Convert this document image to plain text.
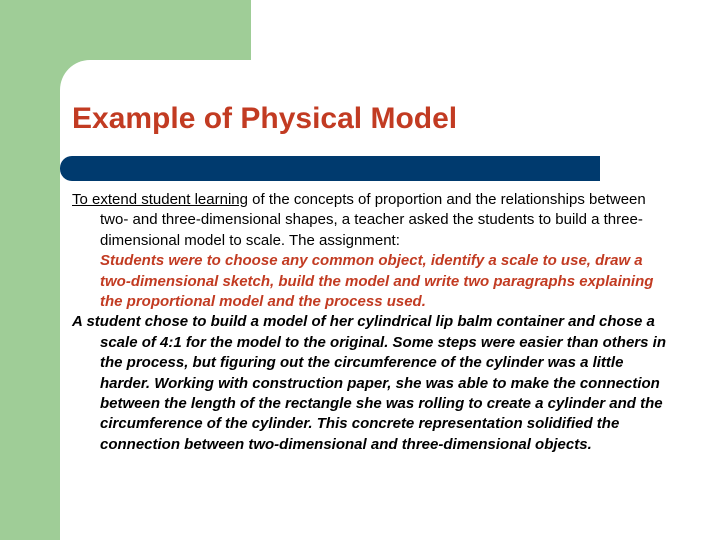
Example of Physical Model

To extend student learning of the concepts of proportion and the relationships between two- and three-dimensional shapes, a teacher asked the students to build a three-dimensional model to scale. The assignment:

Students were to choose any common object, identify a scale to use, draw a two-dimensional sketch, build the model and write two paragraphs explaining the proportional model and the process used.

A student chose to build a model of her cylindrical lip balm container and chose a scale of 4:1 for the model to the original. Some steps were easier than others in the process, but figuring out the circumference of the cylinder was a little harder. Working with construction paper, she was able to make the connection between the length of the rectangle she was rolling to create a cylinder and the circumference of the cylinder. This concrete representation solidified the connection between two-dimensional and three-dimensional objects.
